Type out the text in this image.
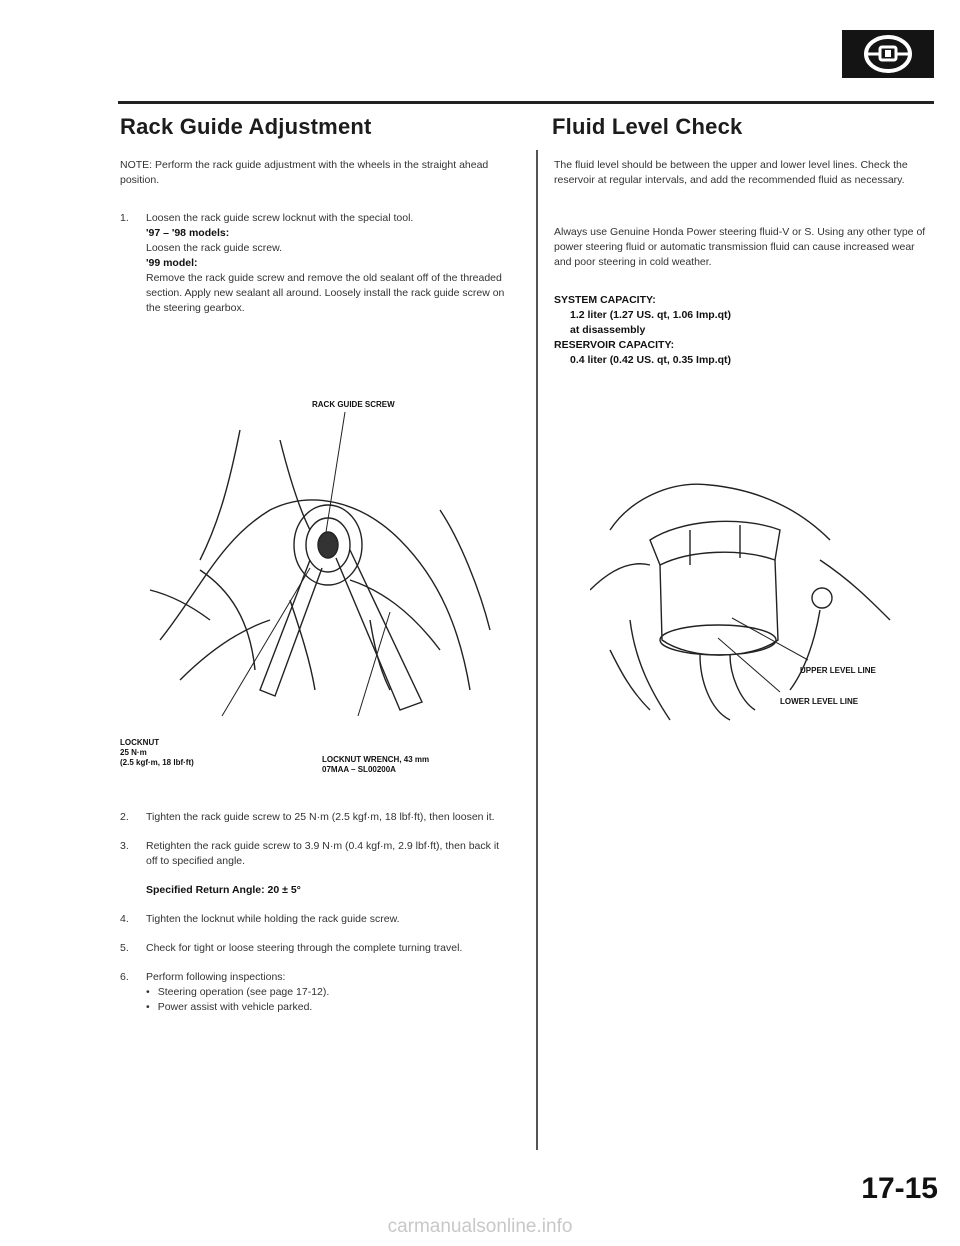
Rack Guide Adjustment
NOTE: Perform the rack guide adjustment with the wheels in the straight ahead position.
1.	Loosen the rack guide screw locknut with the special tool.
'97 – '98 models:
Loosen the rack guide screw.
'99 model:
Remove the rack guide screw and remove the old sealant off of the threaded section. Apply new sealant all around. Loosely install the rack guide screw on the steering gearbox.
RACK GUIDE SCREW
LOCKNUT
25 N·m
(2.5 kgf·m, 18 lbf·ft)	LOCKNUT WRENCH, 43 mm
07MAA – SL00200A
2.	Tighten the rack guide screw to 25 N·m (2.5 kgf·m, 18 lbf·ft), then loosen it.
3.	Retighten the rack guide screw to 3.9 N·m (0.4 kgf·m, 2.9 lbf·ft), then back it off to specified angle.
Specified Return Angle: 20 ± 5°
4.	Tighten the locknut while holding the rack guide screw.
5.	Check for tight or loose steering through the complete turning travel.
6.	Perform following inspections:
• Steering operation (see page 17-12).
• Power assist with vehicle parked.
Fluid Level Check
The fluid level should be between the upper and lower level lines. Check the reservoir at regular intervals, and add the recommended fluid as necessary.
Always use Genuine Honda Power steering fluid-V or S. Using any other type of power steering fluid or automatic transmission fluid can cause increased wear and poor steering in cold weather.
SYSTEM CAPACITY:
1.2 liter (1.27 US. qt, 1.06 Imp.qt)
at disassembly
RESERVOIR CAPACITY:
0.4 liter (0.42 US. qt, 0.35 Imp.qt)
UPPER LEVEL LINE
LOWER LEVEL LINE
17-15
carmanualsonline.info
